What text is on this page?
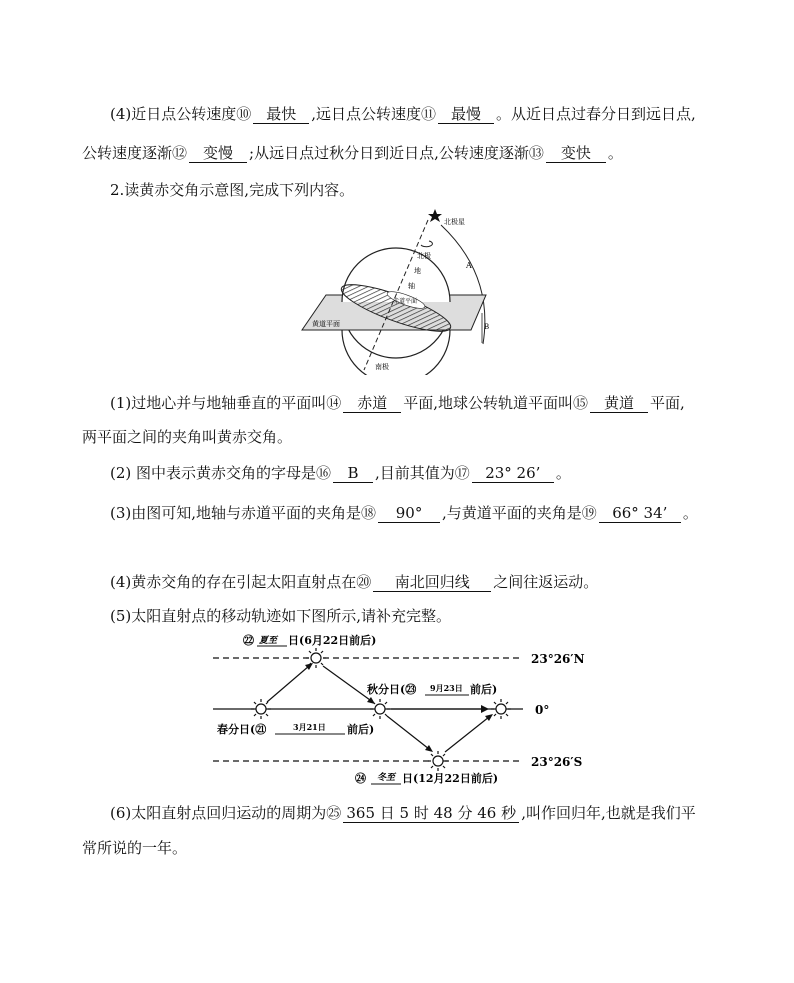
(4)近日点公转速度⑩ 最快 ,远日点公转速度⑪ 最慢 。从近日点过春分日到远日点,
公转速度逐渐⑫ 变慢 ;从远日点过秋分日到近日点,公转速度逐渐⑬ 变快 。
2.读黄赤交角示意图,完成下列内容。
北极星
A
赤道平面
北极
地
轴
黄道平面	B
南极
(1)过地心并与地轴垂直的平面叫⑭ 赤道 平面,地球公转轨道平面叫⑮ 黄道 平面,
两平面之间的夹角叫黄赤交角。
(2) 图中表示黄赤交角的字母是⑯ B ,目前其值为⑰ 23° 26’ 。
(3)由图可知,地轴与赤道平面的夹角是⑱ 90° ,与黄道平面的夹角是⑲ 66° 34’ 。
(4)黄赤交角的存在引起太阳直射点在⑳ 南北回归线 之间往返运动。
(5)太阳直射点的移动轨迹如下图所示,请补充完整。
23°26′N
0°
23°26′S
㉒ 夏至 日(6月22日前后)
秋分日(㉓ 9月23日 前后)
春分日(㉑	3月21日 前后)
㉔ 冬至 日(12月22日前后)
(6)太阳直射点回归运动的周期为㉕ 365 日 5 时 48 分 46 秒 ,叫作回归年,也就是我们平
常所说的一年。
